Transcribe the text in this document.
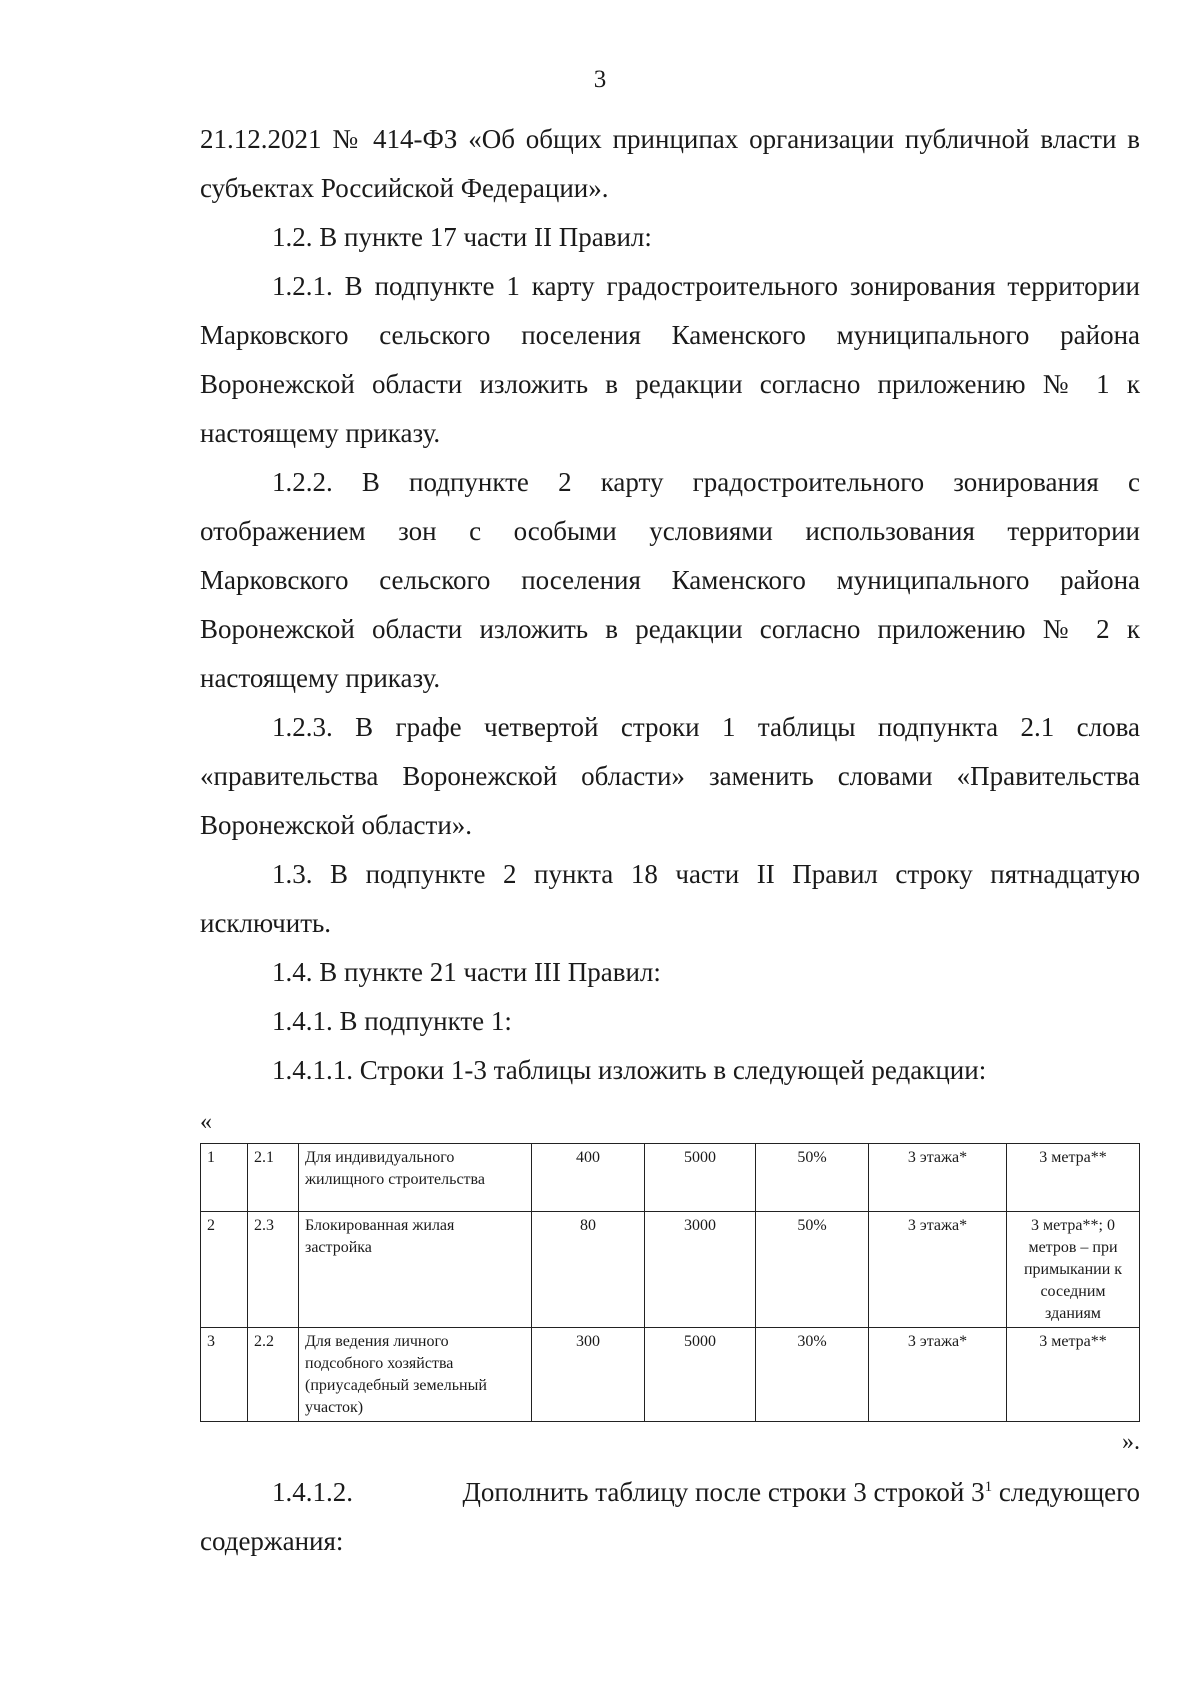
3

21.12.2021 № 414-ФЗ «Об общих принципах организации публичной власти в субъектах Российской Федерации».

1.2. В пункте 17 части II Правил:

1.2.1. В подпункте 1 карту градостроительного зонирования территории Марковского сельского поселения Каменского муниципального района Воронежской области изложить в редакции согласно приложению № 1 к настоящему приказу.

1.2.2. В подпункте 2 карту градостроительного зонирования с отображением зон с особыми условиями использования территории Марковского сельского поселения Каменского муниципального района Воронежской области изложить в редакции согласно приложению № 2 к настоящему приказу.

1.2.3. В графе четвертой строки 1 таблицы подпункта 2.1 слова «правительства Воронежской области» заменить словами «Правительства Воронежской области».

1.3. В подпункте 2 пункта 18 части II Правил строку пятнадцатую исключить.

1.4. В пункте 21 части III Правил:

1.4.1. В подпункте 1:

1.4.1.1. Строки 1-3 таблицы изложить в следующей редакции:

«

1	2.1	Для индивидуального жилищного строительства	400	5000	50%	3 этажа*	3 метра**
2	2.3	Блокированная жилая застройка	80	3000	50%	3 этажа*	3 метра**; 0 метров – при примыкании к соседним зданиям
3	2.2	Для ведения личного подсобного хозяйства (приусадебный земельный участок)	300	5000	30%	3 этажа*	3 метра**

».

1.4.1.2.	Дополнить таблицу после строки 3 строкой $3^1$ следующего

содержания:
